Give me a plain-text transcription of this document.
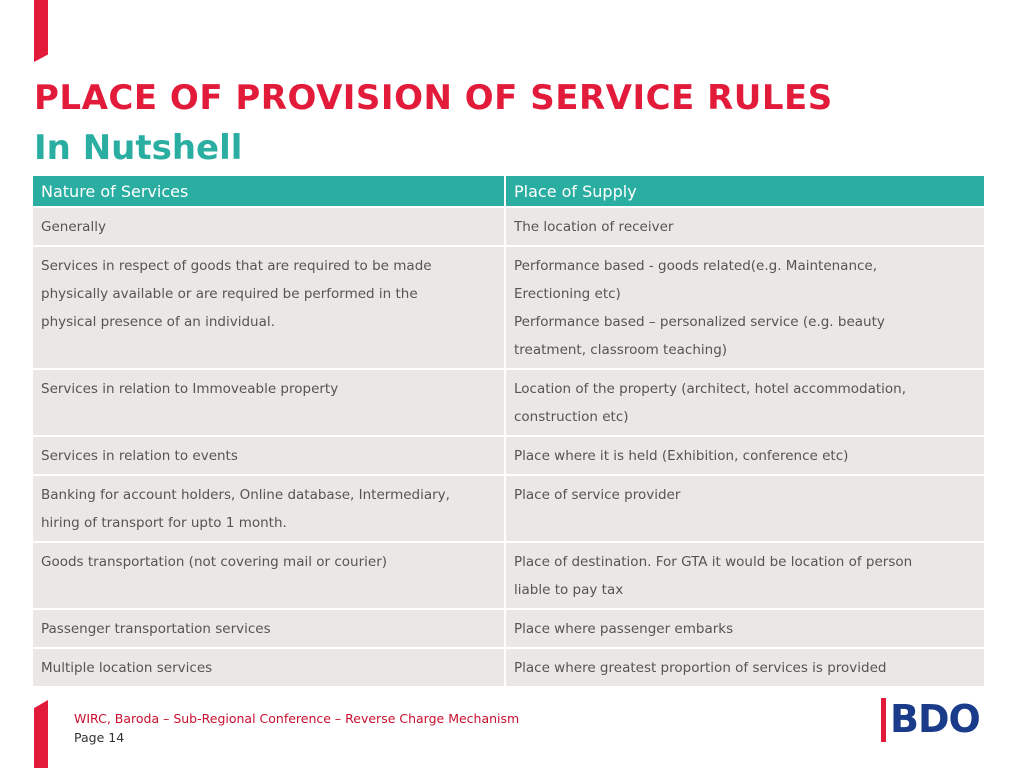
PLACE OF PROVISION OF SERVICE RULES
In Nutshell
Nature of Services	Place of Supply

Generally	The location of receiver

Services in respect of goods that are required to be made
physically available or are required be performed in the
physical presence of an individual.	Performance based - goods related(e.g. Maintenance,
Erectioning etc)
Performance based – personalized service (e.g. beauty
treatment, classroom teaching)

Services in relation to Immoveable property	Location of the property (architect, hotel accommodation,
construction etc)

Services in relation to events	Place where it is held (Exhibition, conference etc)

Banking for account holders, Online database, Intermediary,
hiring of transport for upto 1 month.	Place of service provider

Goods transportation (not covering mail or courier)	Place of destination. For GTA it would be location of person
liable to pay tax

Passenger transportation services	Place where passenger embarks

Multiple location services	Place where greatest proportion of services is provided
WIRC, Baroda – Sub-Regional Conference – Reverse Charge Mechanism
Page 14	BDO
